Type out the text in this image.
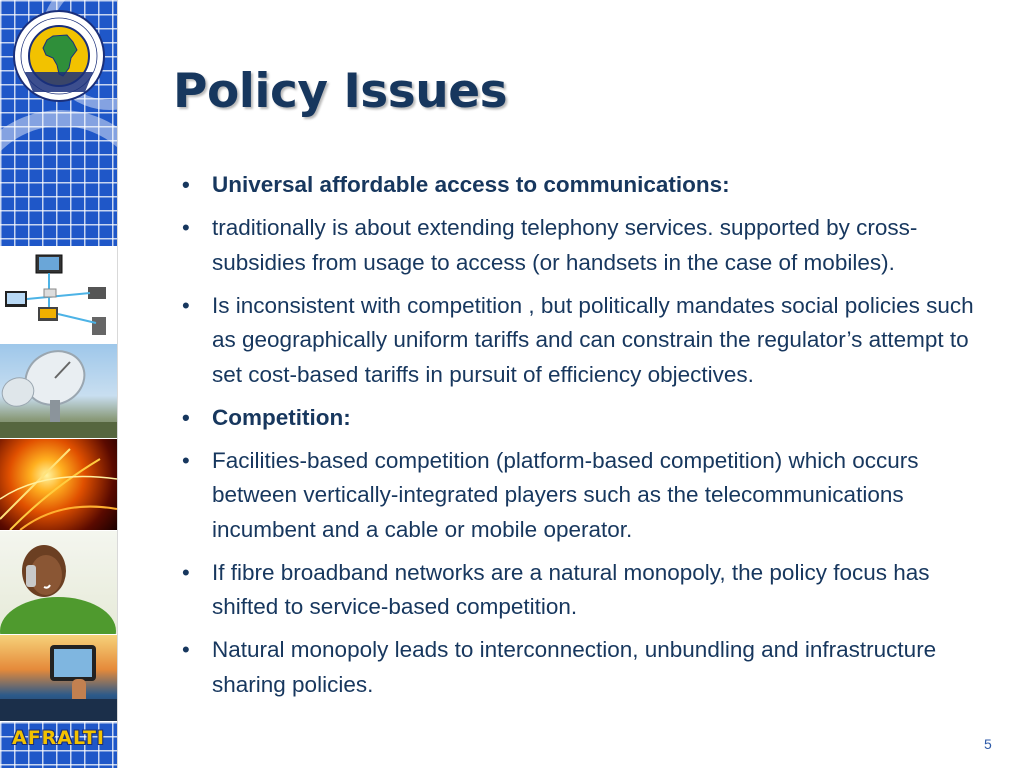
AFRALTI
Policy Issues
• Universal affordable access to communications:
• traditionally is about extending telephony services. supported by cross-subsidies from usage to access (or handsets in the case of mobiles).
• Is inconsistent with competition , but politically mandates social policies such as geographically uniform tariffs and can constrain the regulator’s attempt to set cost-based tariffs in pursuit of efficiency objectives.
• Competition:
• Facilities-based competition (platform-based competition) which occurs between vertically-integrated players such as the telecommunications incumbent and a cable or mobile operator.
• If fibre broadband networks are a natural monopoly, the policy focus has shifted to service-based competition.
• Natural monopoly leads to interconnection, unbundling and infrastructure sharing policies.
5
